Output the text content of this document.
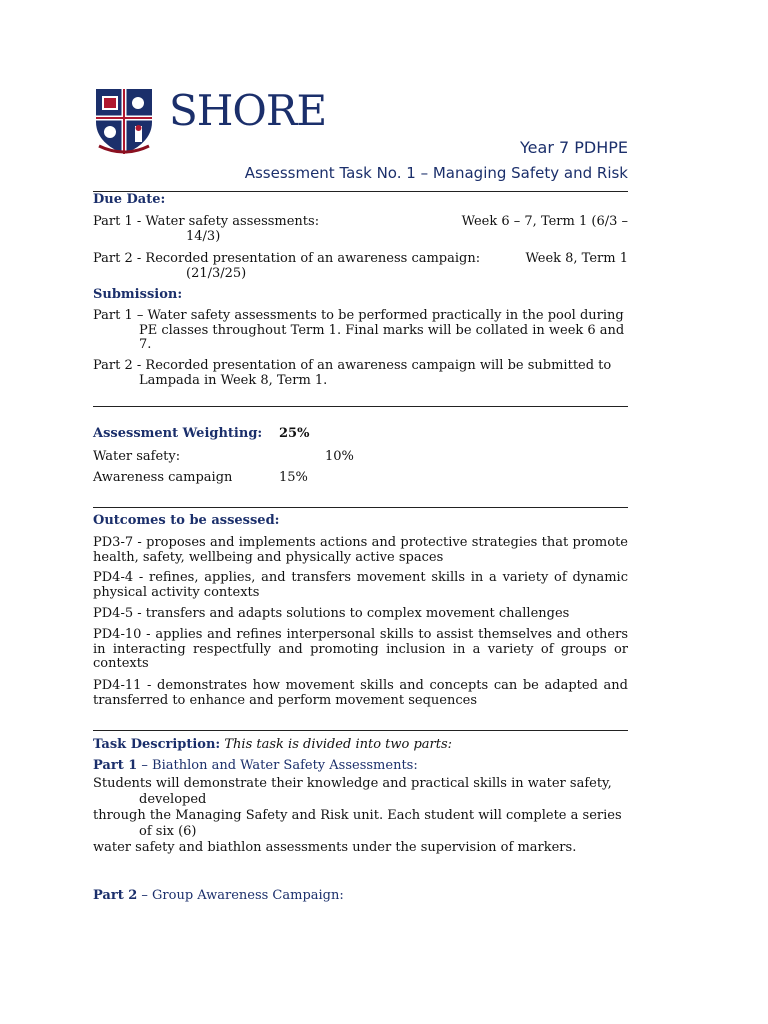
SHORE
Year 7 PDHPE
Assessment Task No. 1 – Managing Safety and Risk
Due Date:
Part 1 - Water safety assessments:	Week 6 – 7, Term 1 (6/3 –
14/3)
Part 2 - Recorded presentation of an awareness campaign:	Week 8, Term 1
(21/3/25)
Submission:
Part 1 – Water safety assessments to be performed practically in the pool during
PE classes throughout Term 1. Final marks will be collated in week 6 and
7.
Part 2 - Recorded presentation of an awareness campaign will be submitted to
Lampada in Week 8, Term 1.
Assessment Weighting: 25%
Water safety:	10%
Awareness campaign	15%
Outcomes to be assessed:
PD3-7 - proposes and implements actions and protective strategies that promote health, safety, wellbeing and physically active spaces
PD4-4 - refines, applies, and transfers movement skills in a variety of dynamic physical activity contexts
PD4-5 - transfers and adapts solutions to complex movement challenges
PD4-10 - applies and refines interpersonal skills to assist themselves and others in interacting respectfully and promoting inclusion in a variety of groups or contexts
PD4-11 - demonstrates how movement skills and concepts can be adapted and transferred to enhance and perform movement sequences
Task Description: This task is divided into two parts:
Part 1 – Biathlon and Water Safety Assessments:
Students will demonstrate their knowledge and practical skills in water safety,
developed
through the Managing Safety and Risk unit. Each student will complete a series
of six (6)
water safety and biathlon assessments under the supervision of markers.
Part 2 – Group Awareness Campaign:
